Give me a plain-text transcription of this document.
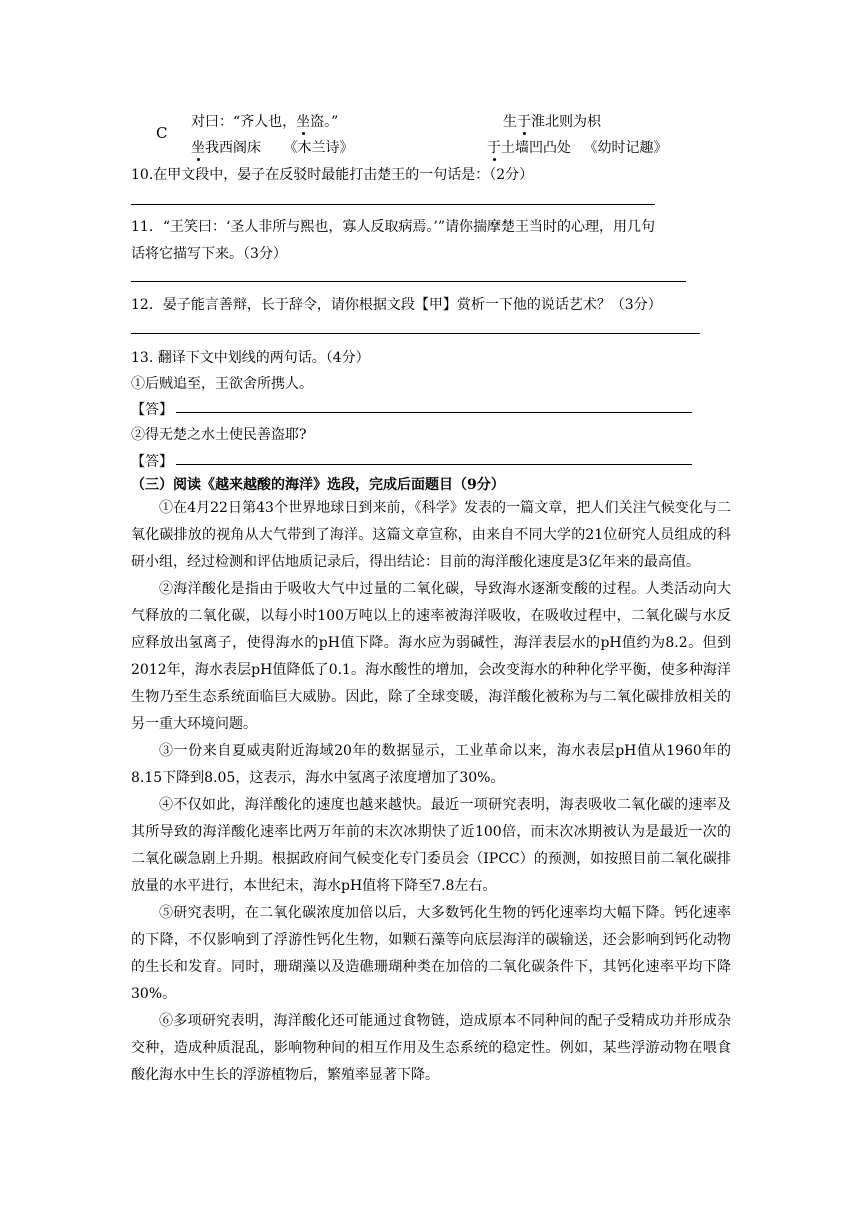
C
对曰：“齐人也，坐盗。”	生于淮北则为枳
坐我西阁床 《木兰诗》	于土墙凹凸处 《幼时记趣》
10.在甲文段中，晏子在反驳时最能打击楚王的一句话是：（2分）
11．“王笑曰：‘圣人非所与熙也，寡人反取病焉。’”请你揣摩楚王当时的心理，用几句
话将它描写下来。（3分）
12．晏子能言善辩，长于辞令，请你根据文段【甲】赏析一下他的说话艺术？（3分）
13. 翻译下文中划线的两句话。（4分）
①后贼追至，王欲舍所携人。
【答】
②得无楚之水土使民善盗耶?
【答】
（三）阅读《越来越酸的海洋》选段，完成后面题目（9分）

①在4月22日第43个世界地球日到来前，《科学》发表的一篇文章，把人们关注气候变化与二氧化碳排放的视角从大气带到了海洋。这篇文章宣称，由来自不同大学的21位研究人员组成的科研小组，经过检测和评估地质记录后，得出结论：目前的海洋酸化速度是3亿年来的最高值。

②海洋酸化是指由于吸收大气中过量的二氧化碳，导致海水逐渐变酸的过程。人类活动向大气释放的二氧化碳，以每小时100万吨以上的速率被海洋吸收，在吸收过程中，二氧化碳与水反应释放出氢离子，使得海水的pH值下降。海水应为弱碱性，海洋表层水的pH值约为8.2。但到2012年，海水表层pH值降低了0.1。海水酸性的增加，会改变海水的种种化学平衡，使多种海洋生物乃至生态系统面临巨大威胁。因此，除了全球变暖，海洋酸化被称为与二氧化碳排放相关的另一重大环境问题。

③一份来自夏威夷附近海域20年的数据显示，工业革命以来，海水表层pH值从1960年的8.15下降到8.05，这表示，海水中氢离子浓度增加了30%。

④不仅如此，海洋酸化的速度也越来越快。最近一项研究表明，海表吸收二氧化碳的速率及其所导致的海洋酸化速率比两万年前的末次冰期快了近100倍，而末次冰期被认为是最近一次的二氧化碳急剧上升期。根据政府间气候变化专门委员会（IPCC）的预测，如按照目前二氧化碳排放量的水平进行，本世纪末，海水pH值将下降至7.8左右。

⑤研究表明，在二氧化碳浓度加倍以后，大多数钙化生物的钙化速率均大幅下降。钙化速率的下降，不仅影响到了浮游性钙化生物，如颗石藻等向底层海洋的碳输送，还会影响到钙化动物的生长和发育。同时，珊瑚藻以及造礁珊瑚种类在加倍的二氧化碳条件下，其钙化速率平均下降30%。

⑥多项研究表明，海洋酸化还可能通过食物链，造成原本不同种间的配子受精成功并形成杂交种，造成种质混乱，影响物种间的相互作用及生态系统的稳定性。例如，某些浮游动物在喂食酸化海水中生长的浮游植物后，繁殖率显著下降。
